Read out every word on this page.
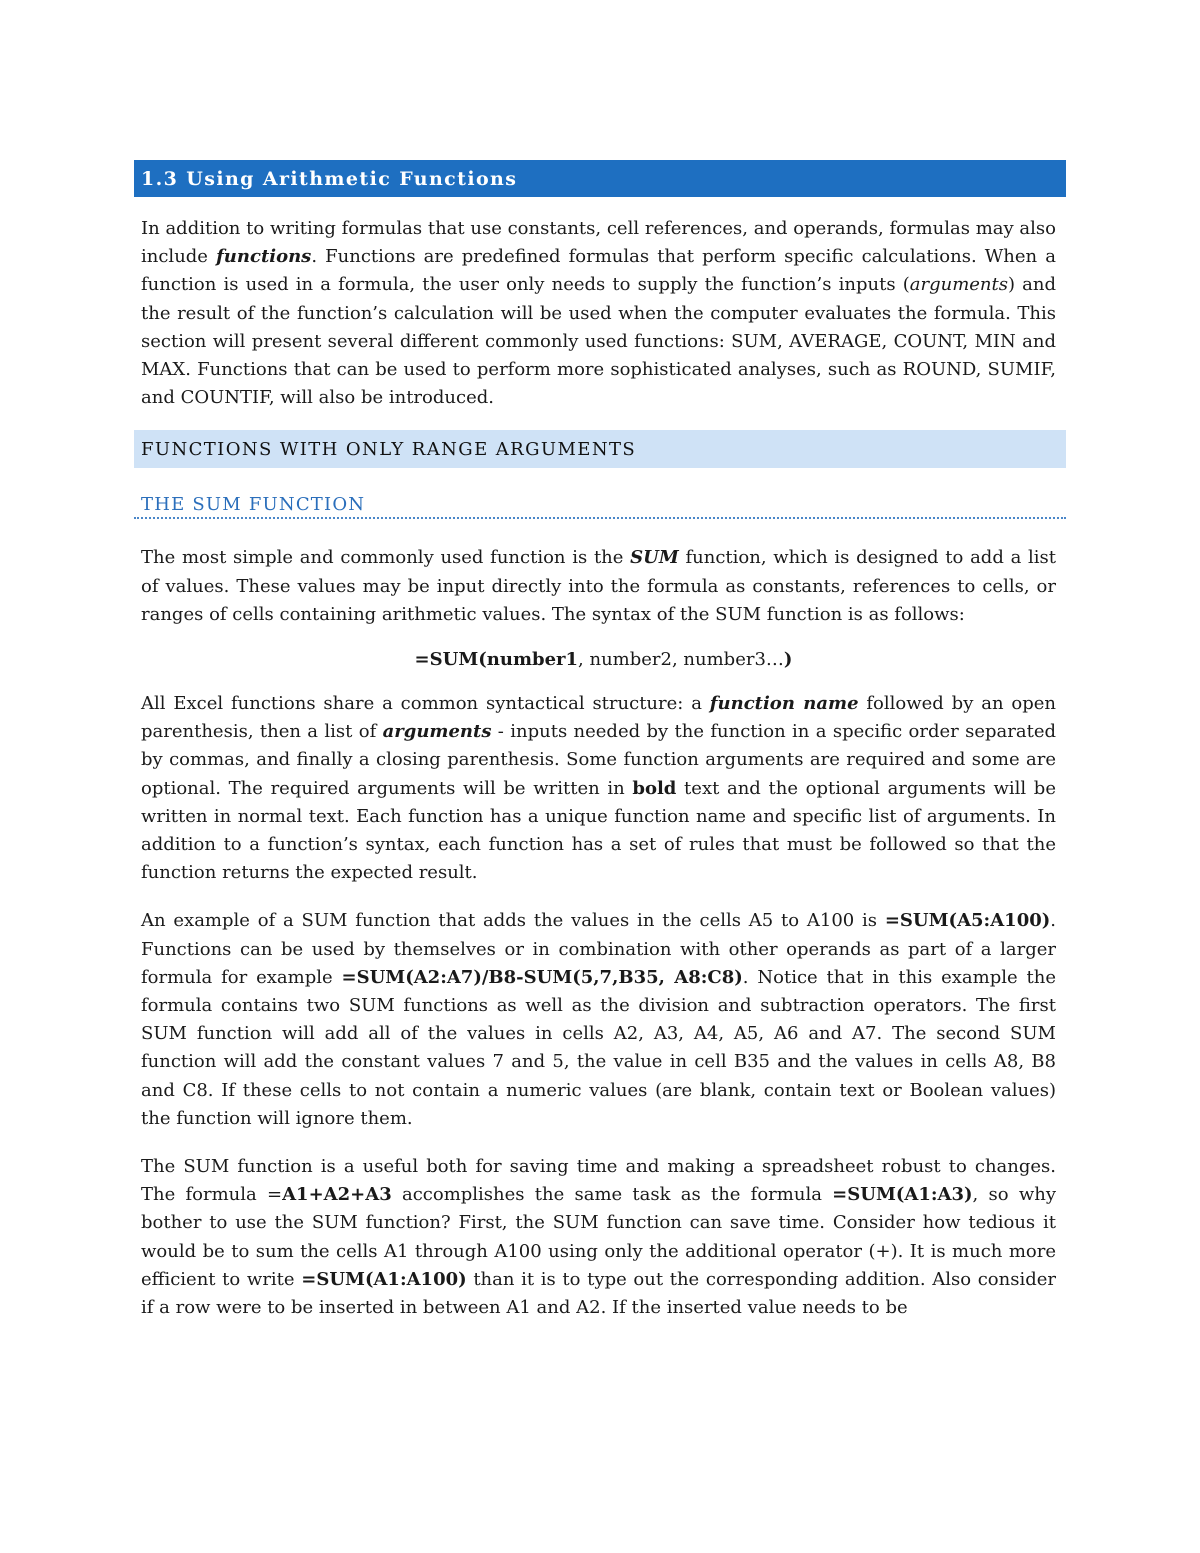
1.3 Using Arithmetic Functions

In addition to writing formulas that use constants, cell references, and operands, formulas may also include functions. Functions are predefined formulas that perform specific calculations. When a function is used in a formula, the user only needs to supply the function’s inputs (arguments) and the result of the function’s calculation will be used when the computer evaluates the formula. This section will present several different commonly used functions: SUM, AVERAGE, COUNT, MIN and MAX. Functions that can be used to perform more sophisticated analyses, such as ROUND, SUMIF, and COUNTIF, will also be introduced.

FUNCTIONS WITH ONLY RANGE ARGUMENTS
THE SUM FUNCTION

The most simple and commonly used function is the SUM function, which is designed to add a list of values. These values may be input directly into the formula as constants, references to cells, or ranges of cells containing arithmetic values. The syntax of the SUM function is as follows:

=SUM(number1, number2, number3…)

All Excel functions share a common syntactical structure: a function name followed by an open parenthesis, then a list of arguments - inputs needed by the function in a specific order separated by commas, and finally a closing parenthesis. Some function arguments are required and some are optional. The required arguments will be written in bold text and the optional arguments will be written in normal text. Each function has a unique function name and specific list of arguments. In addition to a function’s syntax, each function has a set of rules that must be followed so that the function returns the expected result.

An example of a SUM function that adds the values in the cells A5 to A100 is =SUM(A5:A100). Functions can be used by themselves or in combination with other operands as part of a larger formula for example =SUM(A2:A7)/B8-SUM(5,7,B35, A8:C8). Notice that in this example the formula contains two SUM functions as well as the division and subtraction operators. The first SUM function will add all of the values in cells A2, A3, A4, A5, A6 and A7. The second SUM function will add the constant values 7 and 5, the value in cell B35 and the values in cells A8, B8 and C8. If these cells to not contain a numeric values (are blank, contain text or Boolean values) the function will ignore them.

The SUM function is a useful both for saving time and making a spreadsheet robust to changes. The formula =A1+A2+A3 accomplishes the same task as the formula =SUM(A1:A3), so why bother to use the SUM function? First, the SUM function can save time. Consider how tedious it would be to sum the cells A1 through A100 using only the additional operator (+). It is much more efficient to write =SUM(A1:A100) than it is to type out the corresponding addition. Also consider if a row were to be inserted in between A1 and A2. If the inserted value needs to be
